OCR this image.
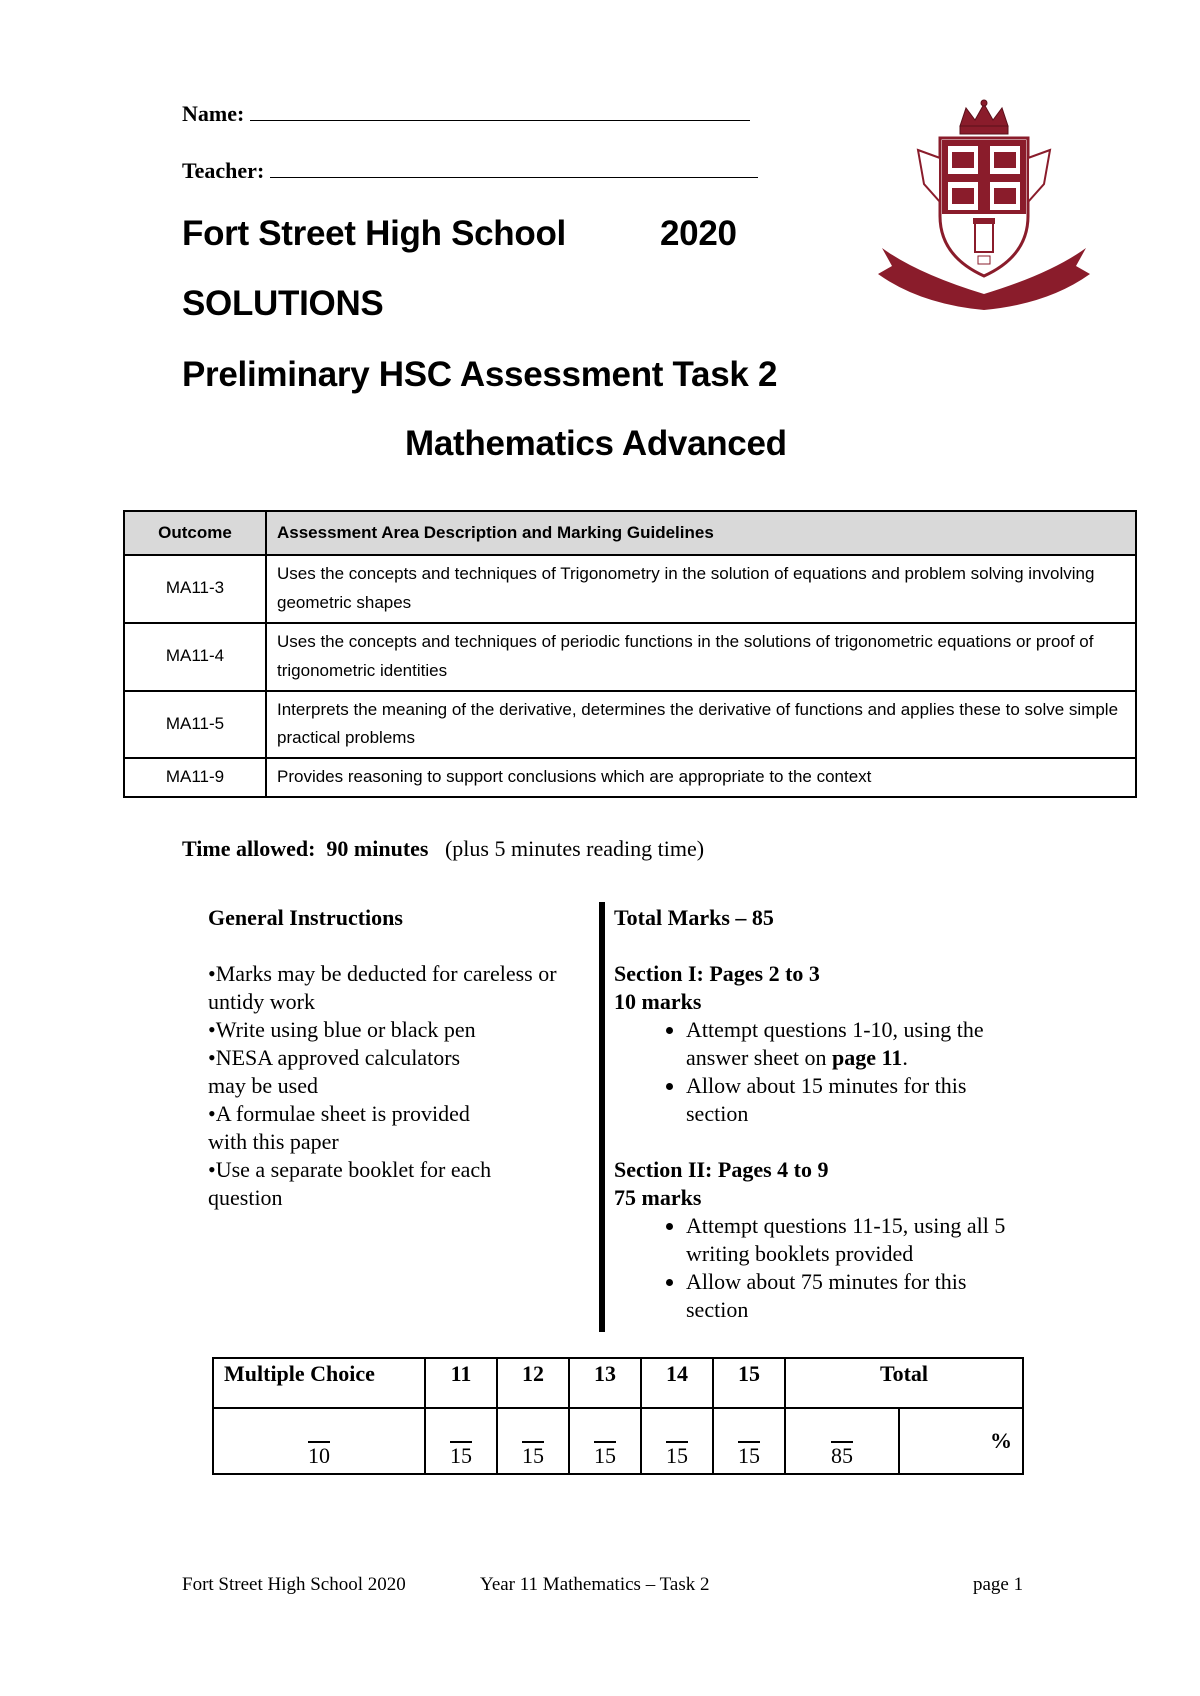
Name:
Teacher:
Fort Street High School	2020
SOLUTIONS
Preliminary HSC Assessment Task 2
Mathematics Advanced
Outcome	Assessment Area Description and Marking Guidelines
MA11-3	Uses the concepts and techniques of Trigonometry in the solution of equations and problem solving involving geometric shapes
MA11-4	Uses the concepts and techniques of periodic functions in the solutions of trigonometric equations or proof of trigonometric identities
MA11-5	Interprets the meaning of the derivative, determines the derivative of functions and applies these to solve simple practical problems
MA11-9	Provides reasoning to support conclusions which are appropriate to the context
Time allowed: 90 minutes (plus 5 minutes reading time)
General Instructions
•Marks may be deducted for careless or untidy work
•Write using blue or black pen
•NESA approved calculators may be used
•A formulae sheet is provided with this paper
•Use a separate booklet for each question
Total Marks – 85
Section I: Pages 2 to 3
10 marks
• Attempt questions 1-10, using the answer sheet on page 11.
• Allow about 15 minutes for this section
Section II: Pages 4 to 9
75 marks
• Attempt questions 11-15, using all 5 writing booklets provided
• Allow about 75 minutes for this section
Multiple Choice	11	12	13	14	15	Total	
10	15	15	15	15	15	85	%
Fort Street High School 2020	Year 11 Mathematics – Task 2	page 1
